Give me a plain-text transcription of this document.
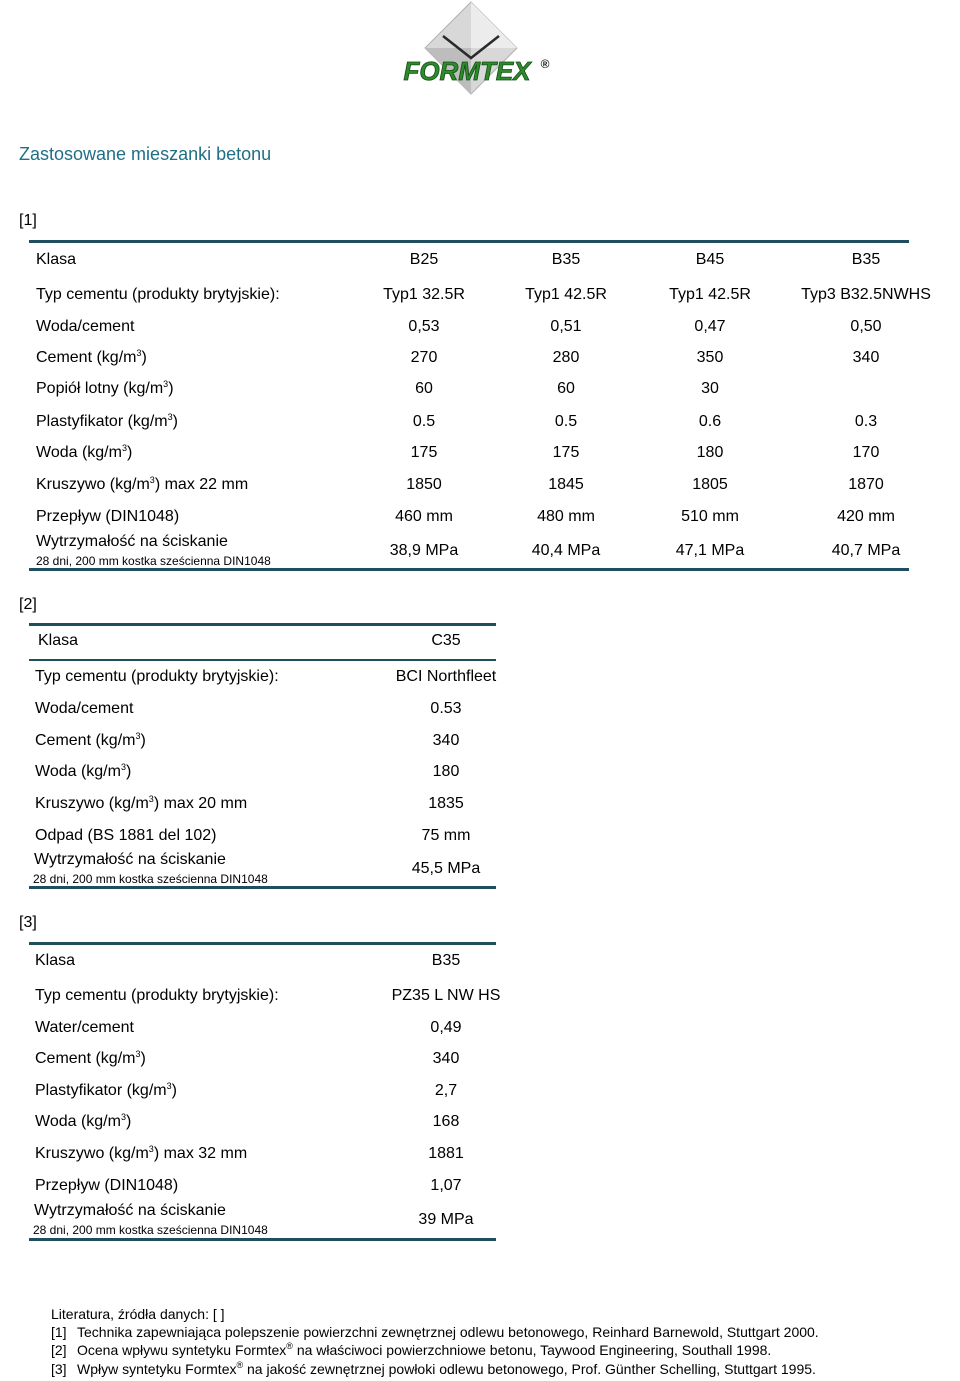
FORMTEX ®
Zastosowane mieszanki betonu
[1]
Klasa	B25	B35	B45	B35
Typ cementu (produkty brytyjskie):	Typ1 32.5R	Typ1 42.5R	Typ1 42.5R	Typ3 B32.5NWHS
Woda/cement	0,53	0,51	0,47	0,50
Cement $(kg/m^3)$	270	280	350	340
Popiół lotny $(kg/m^3)$	60	60	30
Plastyfikator $(kg/m^3)$	0.5	0.5	0.6	0.3
Woda $(kg/m^3)$	175	175	180	170
Kruszywo $(kg/m^3)$ max 22 mm	1850	1845	1805	1870
Przepływ (DIN1048)	460 mm	480 mm	510 mm	420 mm
Wytrzymałość na ściskanie
28 dni, 200 mm kostka sześcienna DIN1048
38,9 MPa	40,4 MPa	47,1 MPa	40,7 MPa
[2]
Klasa	C35
Typ cementu (produkty brytyjskie):	BCI Northfleet
Woda/cement	0.53
Cement $(kg/m^3)$	340
Woda $(kg/m^3)$	180
Kruszywo $(kg/m^3)$ max 20 mm	1835
Odpad (BS 1881 del 102)	75 mm
Wytrzymałość na ściskanie
28 dni, 200 mm kostka sześcienna DIN1048
45,5 MPa
[3]
Klasa	B35
Typ cementu (produkty brytyjskie):	PZ35 L NW HS
Water/cement	0,49
Cement $(kg/m^3)$	340
Plastyfikator $(kg/m^3)$	2,7
Woda $(kg/m^3)$	168
Kruszywo $(kg/m^3)$ max 32 mm	1881
Przepływ (DIN1048)	1,07
Wytrzymałość na ściskanie
28 dni, 200 mm kostka sześcienna DIN1048
39 MPa
Literatura, źródła danych: [ ]
[1] Technika zapewniająca polepszenie powierzchni zewnętrznej odlewu betonowego, Reinhard Barnewold, Stuttgart 2000.
[2] Ocena wpływu syntetyku Formtex® na właściwoci powierzchniowe betonu, Taywood Engineering, Southall 1998.
[3] Wpływ syntetyku Formtex® na jakość zewnętrznej powłoki odlewu betonowego, Prof. Günther Schelling, Stuttgart 1995.
